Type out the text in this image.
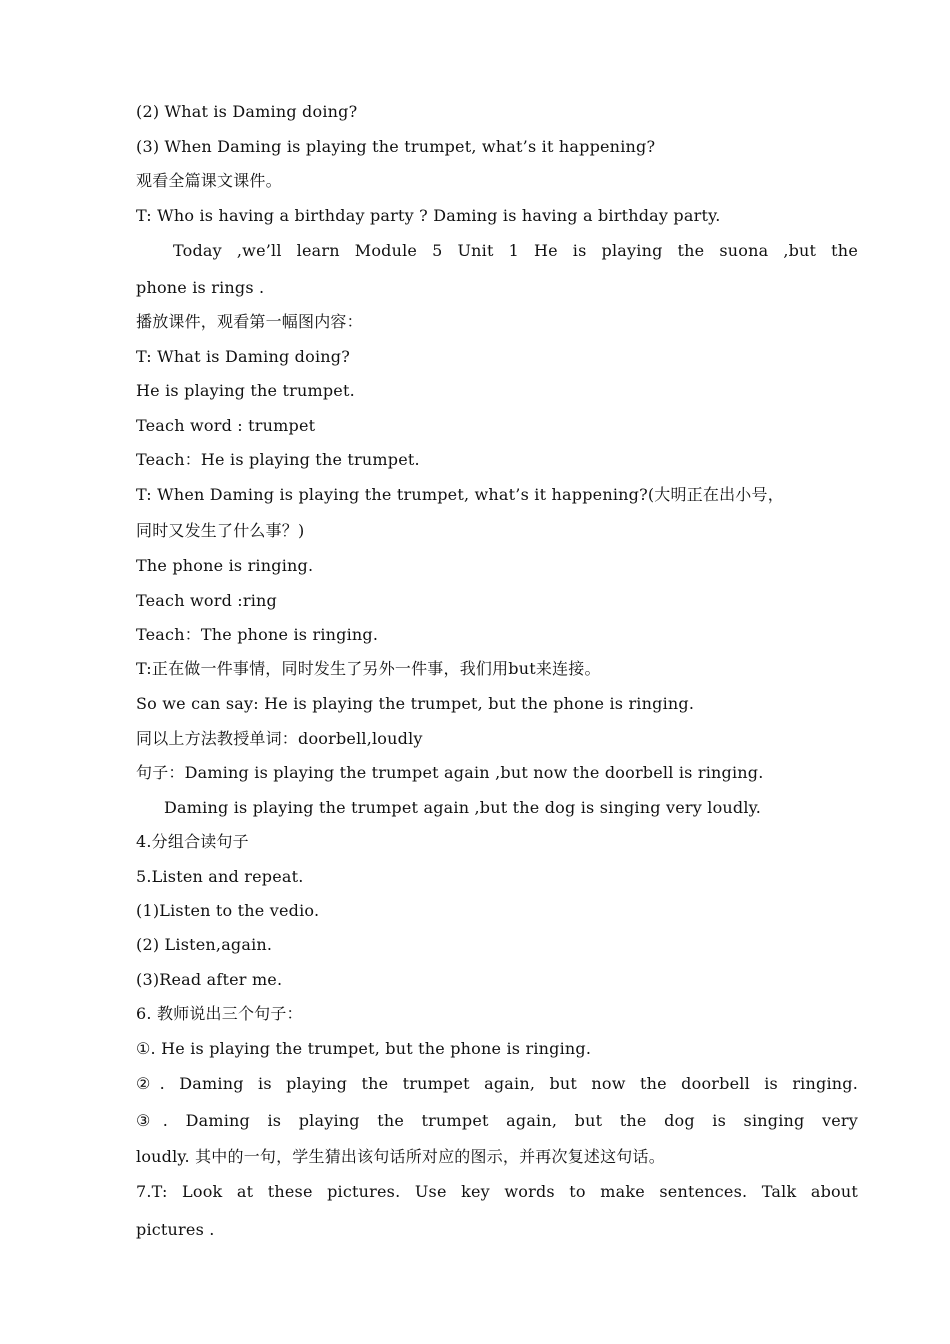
(2) What is Daming doing?
(3) When Daming is playing the trumpet, what’s it happening?
观看全篇课文课件。
T: Who is having a birthday party ? Daming is having a birthday party.
Today ,we’ll learn Module 5 Unit 1 He is playing the suona ,but the
phone is rings .
播放课件，观看第一幅图内容：
T: What is Daming doing?
He is playing the trumpet.
Teach word : trumpet
Teach：He is playing the trumpet.
T: When Daming is playing the trumpet, what’s it happening?(大明正在出小号，
同时又发生了什么事？)
The phone is ringing.
Teach word :ring
Teach：The phone is ringing.
T:正在做一件事情，同时发生了另外一件事，我们用but来连接。
So we can say: He is playing the trumpet, but the phone is ringing.
同以上方法教授单词：doorbell,loudly
句子：Daming is playing the trumpet again ,but now the doorbell is ringing.
Daming is playing the trumpet again ,but the dog is singing very loudly.
4.分组合读句子
5.Listen and repeat.
(1)Listen to the vedio.
(2) Listen,again.
(3)Read after me.
6. 教师说出三个句子：
①. He is playing the trumpet, but the phone is ringing.
②. Daming is playing the trumpet again, but now the doorbell is ringing.
③. Daming is playing the trumpet again, but the dog is singing very
loudly. 其中的一句，学生猜出该句话所对应的图示，并再次复述这句话。
7.T: Look at these pictures. Use key words to make sentences. Talk about
pictures .
